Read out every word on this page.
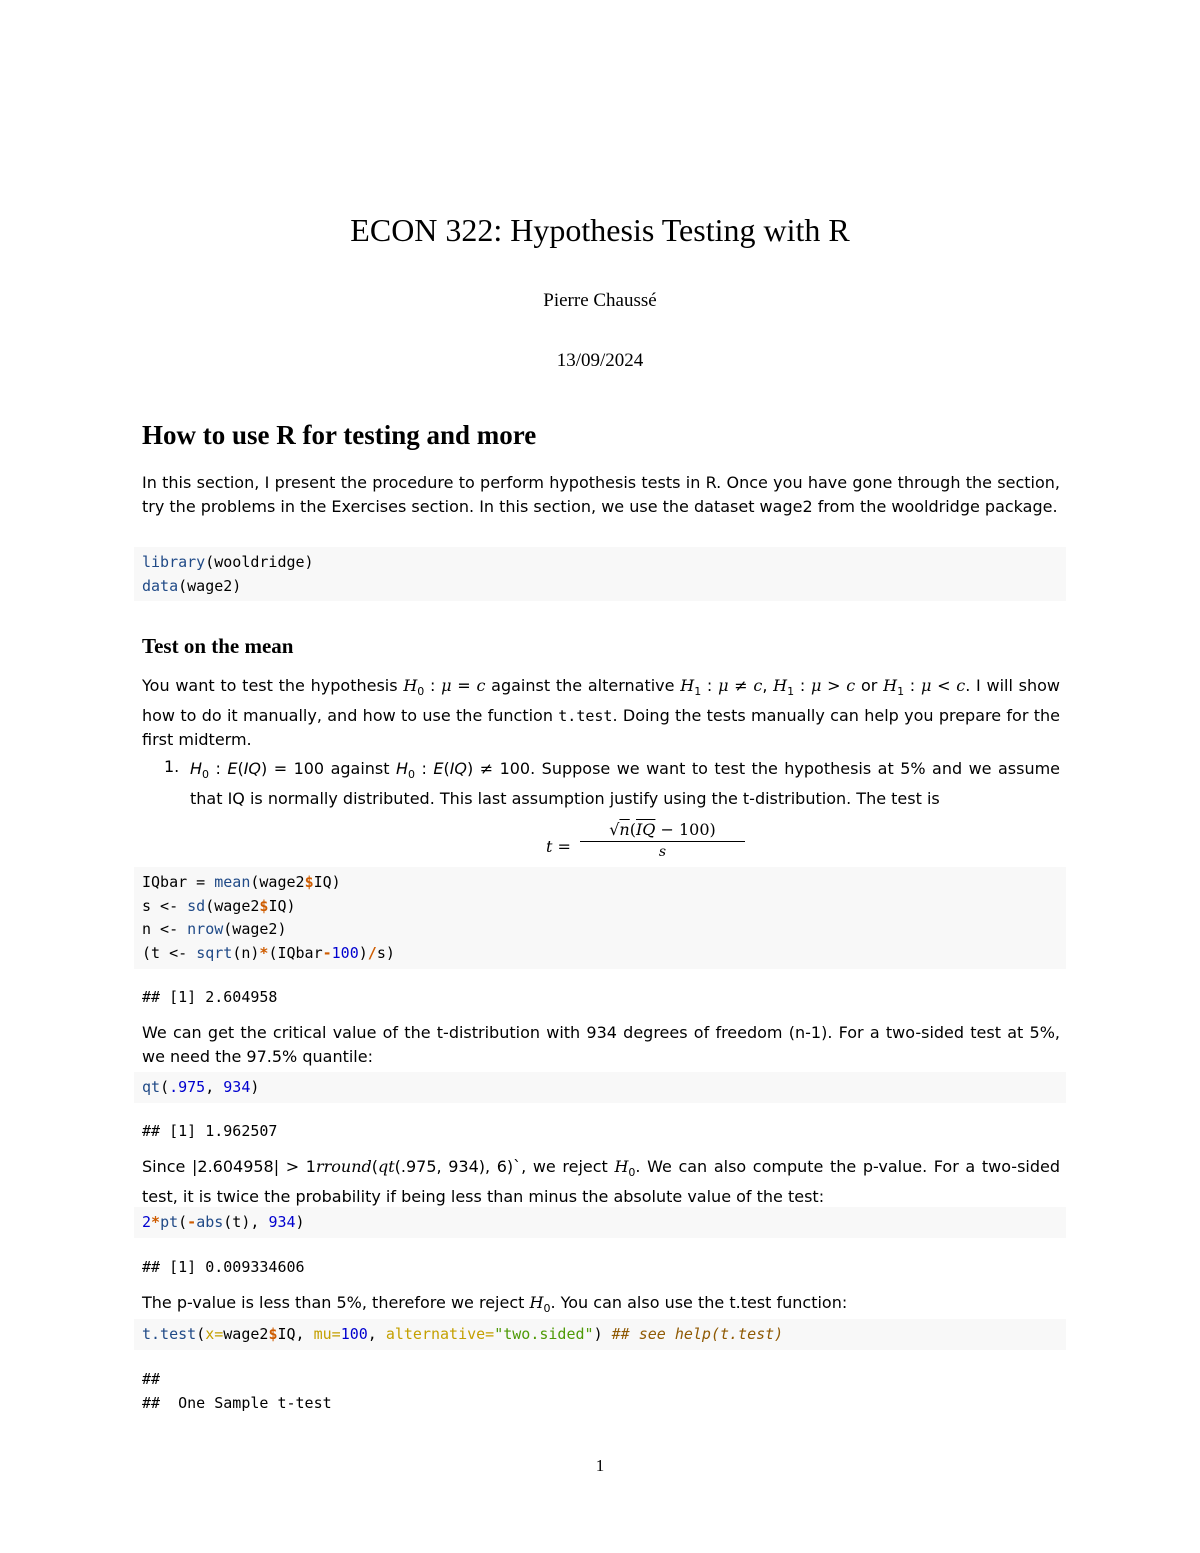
ECON 322: Hypothesis Testing with R
Pierre Chaussé
13/09/2024
How to use R for testing and more
In this section, I present the procedure to perform hypothesis tests in R. Once you have gone through the section, try the problems in the Exercises section. In this section, we use the dataset wage2 from the wooldridge package.
library(wooldridge)
data(wage2)
Test on the mean
You want to test the hypothesis $H_0$ : μ = c against the alternative $H_1$ : μ ≠ c, $H_1$ : μ > c or $H_1$ : μ < c. I will show how to do it manually, and how to use the function t.test. Doing the tests manually can help you prepare for the first midterm.
1. $H_0$ : E(IQ) = 100 against $H_0$ : E(IQ) ≠ 100. Suppose we want to test the hypothesis at 5% and we assume that IQ is normally distributed. This last assumption justify using the t-distribution. The test is
$t = \frac{√n(\overline{IQ} - 100)}{s}$
IQbar = mean(wage2$IQ)
s <- sd(wage2$IQ)
n <- nrow(wage2)
(t <- sqrt(n)*(IQbar-100)/s)
## [1] 2.604958
We can get the critical value of the t-distribution with 934 degrees of freedom (n-1). For a two-sided test at 5%, we need the 97.5% quantile:
qt(.975, 934)
## [1] 1.962507
Since |2.604958| > 1rround(qt(.975, 934), 6)`, we reject $H_0$. We can also compute the p-value. For a two-sided test, it is twice the probability if being less than minus the absolute value of the test:
2*pt(-abs(t), 934)
## [1] 0.009334606
The p-value is less than 5%, therefore we reject $H_0$. You can also use the t.test function:
t.test(x=wage2$IQ, mu=100, alternative="two.sided") ## see help(t.test)
##
##  One Sample t-test
1
